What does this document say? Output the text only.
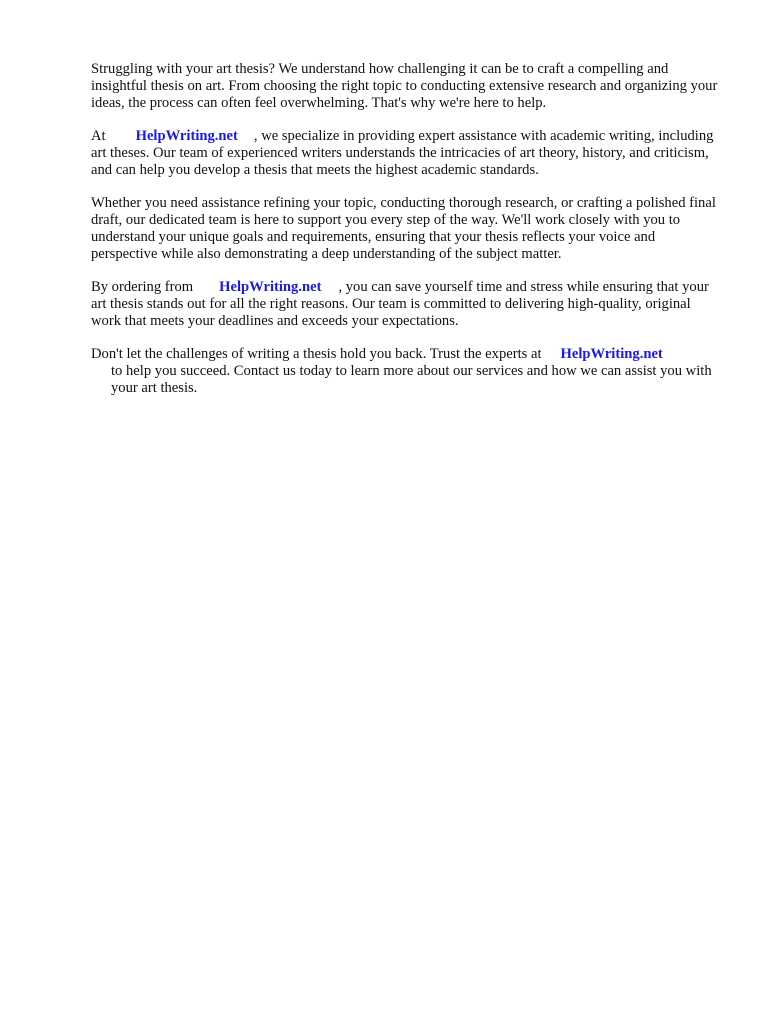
Struggling with your art thesis? We understand how challenging it can be to craft a compelling and insightful thesis on art. From choosing the right topic to conducting extensive research and organizing your ideas, the process can often feel overwhelming. That's why we're here to help.

At HelpWriting.net , we specialize in providing expert assistance with academic writing, including art theses. Our team of experienced writers understands the intricacies of art theory, history, and criticism, and can help you develop a thesis that meets the highest academic standards.

Whether you need assistance refining your topic, conducting thorough research, or crafting a polished final draft, our dedicated team is here to support you every step of the way. We'll work closely with you to understand your unique goals and requirements, ensuring that your thesis reflects your voice and perspective while also demonstrating a deep understanding of the subject matter.

By ordering from HelpWriting.net , you can save yourself time and stress while ensuring that your art thesis stands out for all the right reasons. Our team is committed to delivering high-quality, original work that meets your deadlines and exceeds your expectations.

Don't let the challenges of writing a thesis hold you back. Trust the experts at HelpWriting.net
to help you succeed. Contact us today to learn more about our services and how we can assist you with your art thesis.
